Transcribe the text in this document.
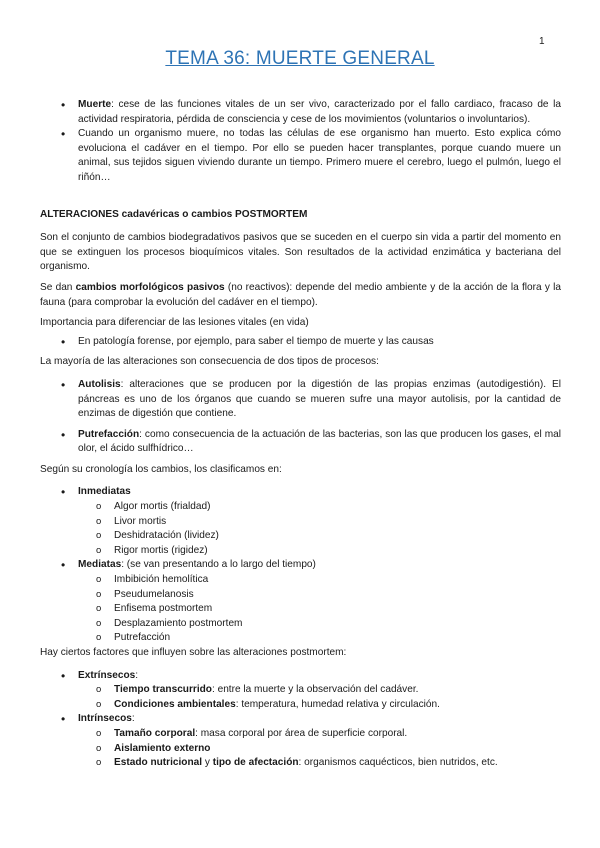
1
TEMA 36: MUERTE GENERAL
• Muerte: cese de las funciones vitales de un ser vivo, caracterizado por el fallo cardiaco, fracaso de la actividad respiratoria, pérdida de consciencia y cese de los movimientos (voluntarios o involuntarios).
• Cuando un organismo muere, no todas las células de ese organismo han muerto. Esto explica cómo evoluciona el cadáver en el tiempo. Por ello se pueden hacer transplantes, porque cuando muere un animal, sus tejidos siguen viviendo durante un tiempo. Primero muere el cerebro, luego el pulmón, luego el riñón…
ALTERACIONES cadavéricas o cambios POSTMORTEM

Son el conjunto de cambios biodegradativos pasivos que se suceden en el cuerpo sin vida a partir del momento en que se extinguen los procesos bioquímicos vitales. Son resultados de la actividad enzimática y bacteriana del organismo.

Se dan cambios morfológicos pasivos (no reactivos): depende del medio ambiente y de la acción de la flora y la fauna (para comprobar la evolución del cadáver en el tiempo).

Importancia para diferenciar de las lesiones vitales (en vida)

• En patología forense, por ejemplo, para saber el tiempo de muerte y las causas

La mayoría de las alteraciones son consecuencia de dos tipos de procesos:

• Autolisis: alteraciones que se producen por la digestión de las propias enzimas (autodigestión). El páncreas es uno de los órganos que cuando se mueren sufre una mayor autolisis, por la cantidad de enzimas de digestión que contiene.
• Putrefacción: como consecuencia de la actuación de las bacterias, son las que producen los gases, el mal olor, el ácido sulfhídrico…

Según su cronología los cambios, los clasificamos en:

• Inmediatas
o Algor mortis (frialdad)
o Livor mortis
o Deshidratación (lividez)
o Rigor mortis (rigidez)
• Mediatas: (se van presentando a lo largo del tiempo)
o Imbibición hemolítica
o Pseudumelanosis
o Enfisema postmortem
o Desplazamiento postmortem
o Putrefacción

Hay ciertos factores que influyen sobre las alteraciones postmortem:

• Extrínsecos:
o Tiempo transcurrido: entre la muerte y la observación del cadáver.
o Condiciones ambientales: temperatura, humedad relativa y circulación.
• Intrínsecos:
o Tamaño corporal: masa corporal por área de superficie corporal.
o Aislamiento externo
o Estado nutricional y tipo de afectación: organismos caquécticos, bien nutridos, etc.
